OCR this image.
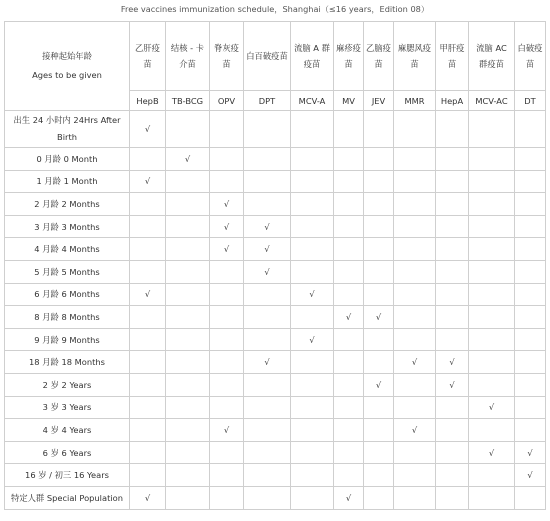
Free vaccines immunization schedule，Shanghai（≤16 years，Edition 08）
接种起始年龄
Ages to be given	乙肝疫苗	结核 - 卡介苗	脊灰疫苗	白百破疫苗	流脑 A 群疫苗	麻疹疫苗	乙脑疫苗	麻腮风疫苗	甲肝疫苗	流脑 AC 群疫苗	白破疫苗

	HepB	TB-BCG	OPV	DPT	MCV-A	MV	JEV	MMR	HepA	MCV-AC	DT
出生 24 小时内 24Hrs After Birth	√										
0 月龄 0 Month		√									
1 月龄 1 Month	√										
2 月龄 2 Months			√								
3 月龄 3 Months			√	√							
4 月龄 4 Months			√	√							
5 月龄 5 Months				√							
6 月龄 6 Months	√				√						
8 月龄 8 Months						√	√				
9 月龄 9 Months					√						
18 月龄 18 Months				√				√	√		
2 岁 2 Years							√		√		
3 岁 3 Years										√	
4 岁 4 Years			√					√			
6 岁 6 Years										√	√
16 岁 / 初三 16 Years											√
特定人群 Special Population	√					√					
